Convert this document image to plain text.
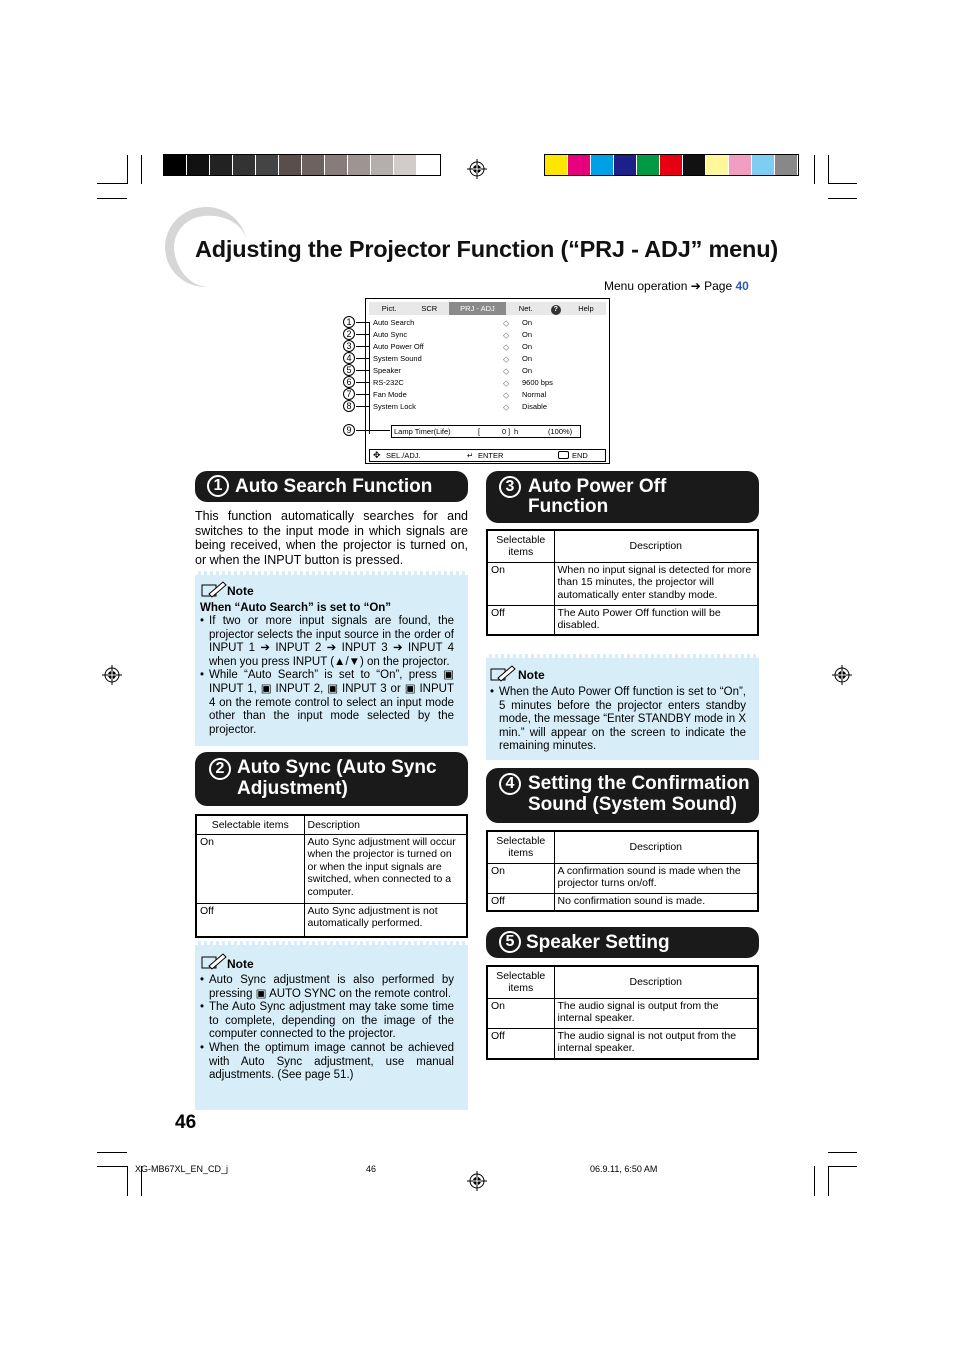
Adjusting the Projector Function (“PRJ - ADJ” menu)
Menu operation ➔ Page 40
Pict.	SCR	PRJ - ADJ	Net.	?	Help
Auto Search	⬦ On
Auto Sync	⬦ On
Auto Power Off	⬦ On
System Sound	⬦ On
Speaker	⬦ On
RS-232C	⬦ 9600 bps
Fan Mode	⬦ Normal
System Lock	⬦ Disable
Lamp Timer(Life)	[	0 ] h	(100%)
✥ SEL./ADJ.	↵ ENTER	END
1
2
3
4
5
6
7
8
9
1 Auto Search Function
This function automatically searches for and switches to the input mode in which signals are being received, when the projector is turned on, or when the INPUT button is pressed.
Note
When “Auto Search” is set to “On”
• If two or more input signals are found, the projector selects the input source in the order of INPUT 1 ➔ INPUT 2 ➔ INPUT 3 ➔ INPUT 4 when you press INPUT (▲/▼) on the projector.
• While “Auto Search” is set to “On”, press ▣ INPUT 1, ▣ INPUT 2, ▣ INPUT 3 or ▣ INPUT 4 on the remote control to select an input mode other than the input mode selected by the projector.
2 Auto Sync (Auto Sync
Adjustment)
Selectable items	Description
On	Auto Sync adjustment will occur when the projector is turned on or when the input signals are switched, when connected to a computer.
Off	Auto Sync adjustment is not automatically performed.
Note
• Auto Sync adjustment is also performed by pressing ▣ AUTO SYNC on the remote control.
• The Auto Sync adjustment may take some time to complete, depending on the image of the computer connected to the projector.
• When the optimum image cannot be achieved with Auto Sync adjustment, use manual adjustments. (See page 51.)
3 Auto Power Off
Function
Selectable items	Description
On	When no input signal is detected for more than 15 minutes, the projector will automatically enter standby mode.
Off	The Auto Power Off function will be disabled.
Note
• When the Auto Power Off function is set to “On”, 5 minutes before the projector enters standby mode, the message “Enter STANDBY mode in X min.” will appear on the screen to indicate the remaining minutes.
4 Setting the Confirmation
Sound (System Sound)
Selectable items	Description
On	A confirmation sound is made when the projector turns on/off.
Off	No confirmation sound is made.
5 Speaker Setting
Selectable items	Description
On	The audio signal is output from the internal speaker.
Off	The audio signal is not output from the internal speaker.
46
XG-MB67XL_EN_CD_j	46	06.9.11, 6:50 AM
